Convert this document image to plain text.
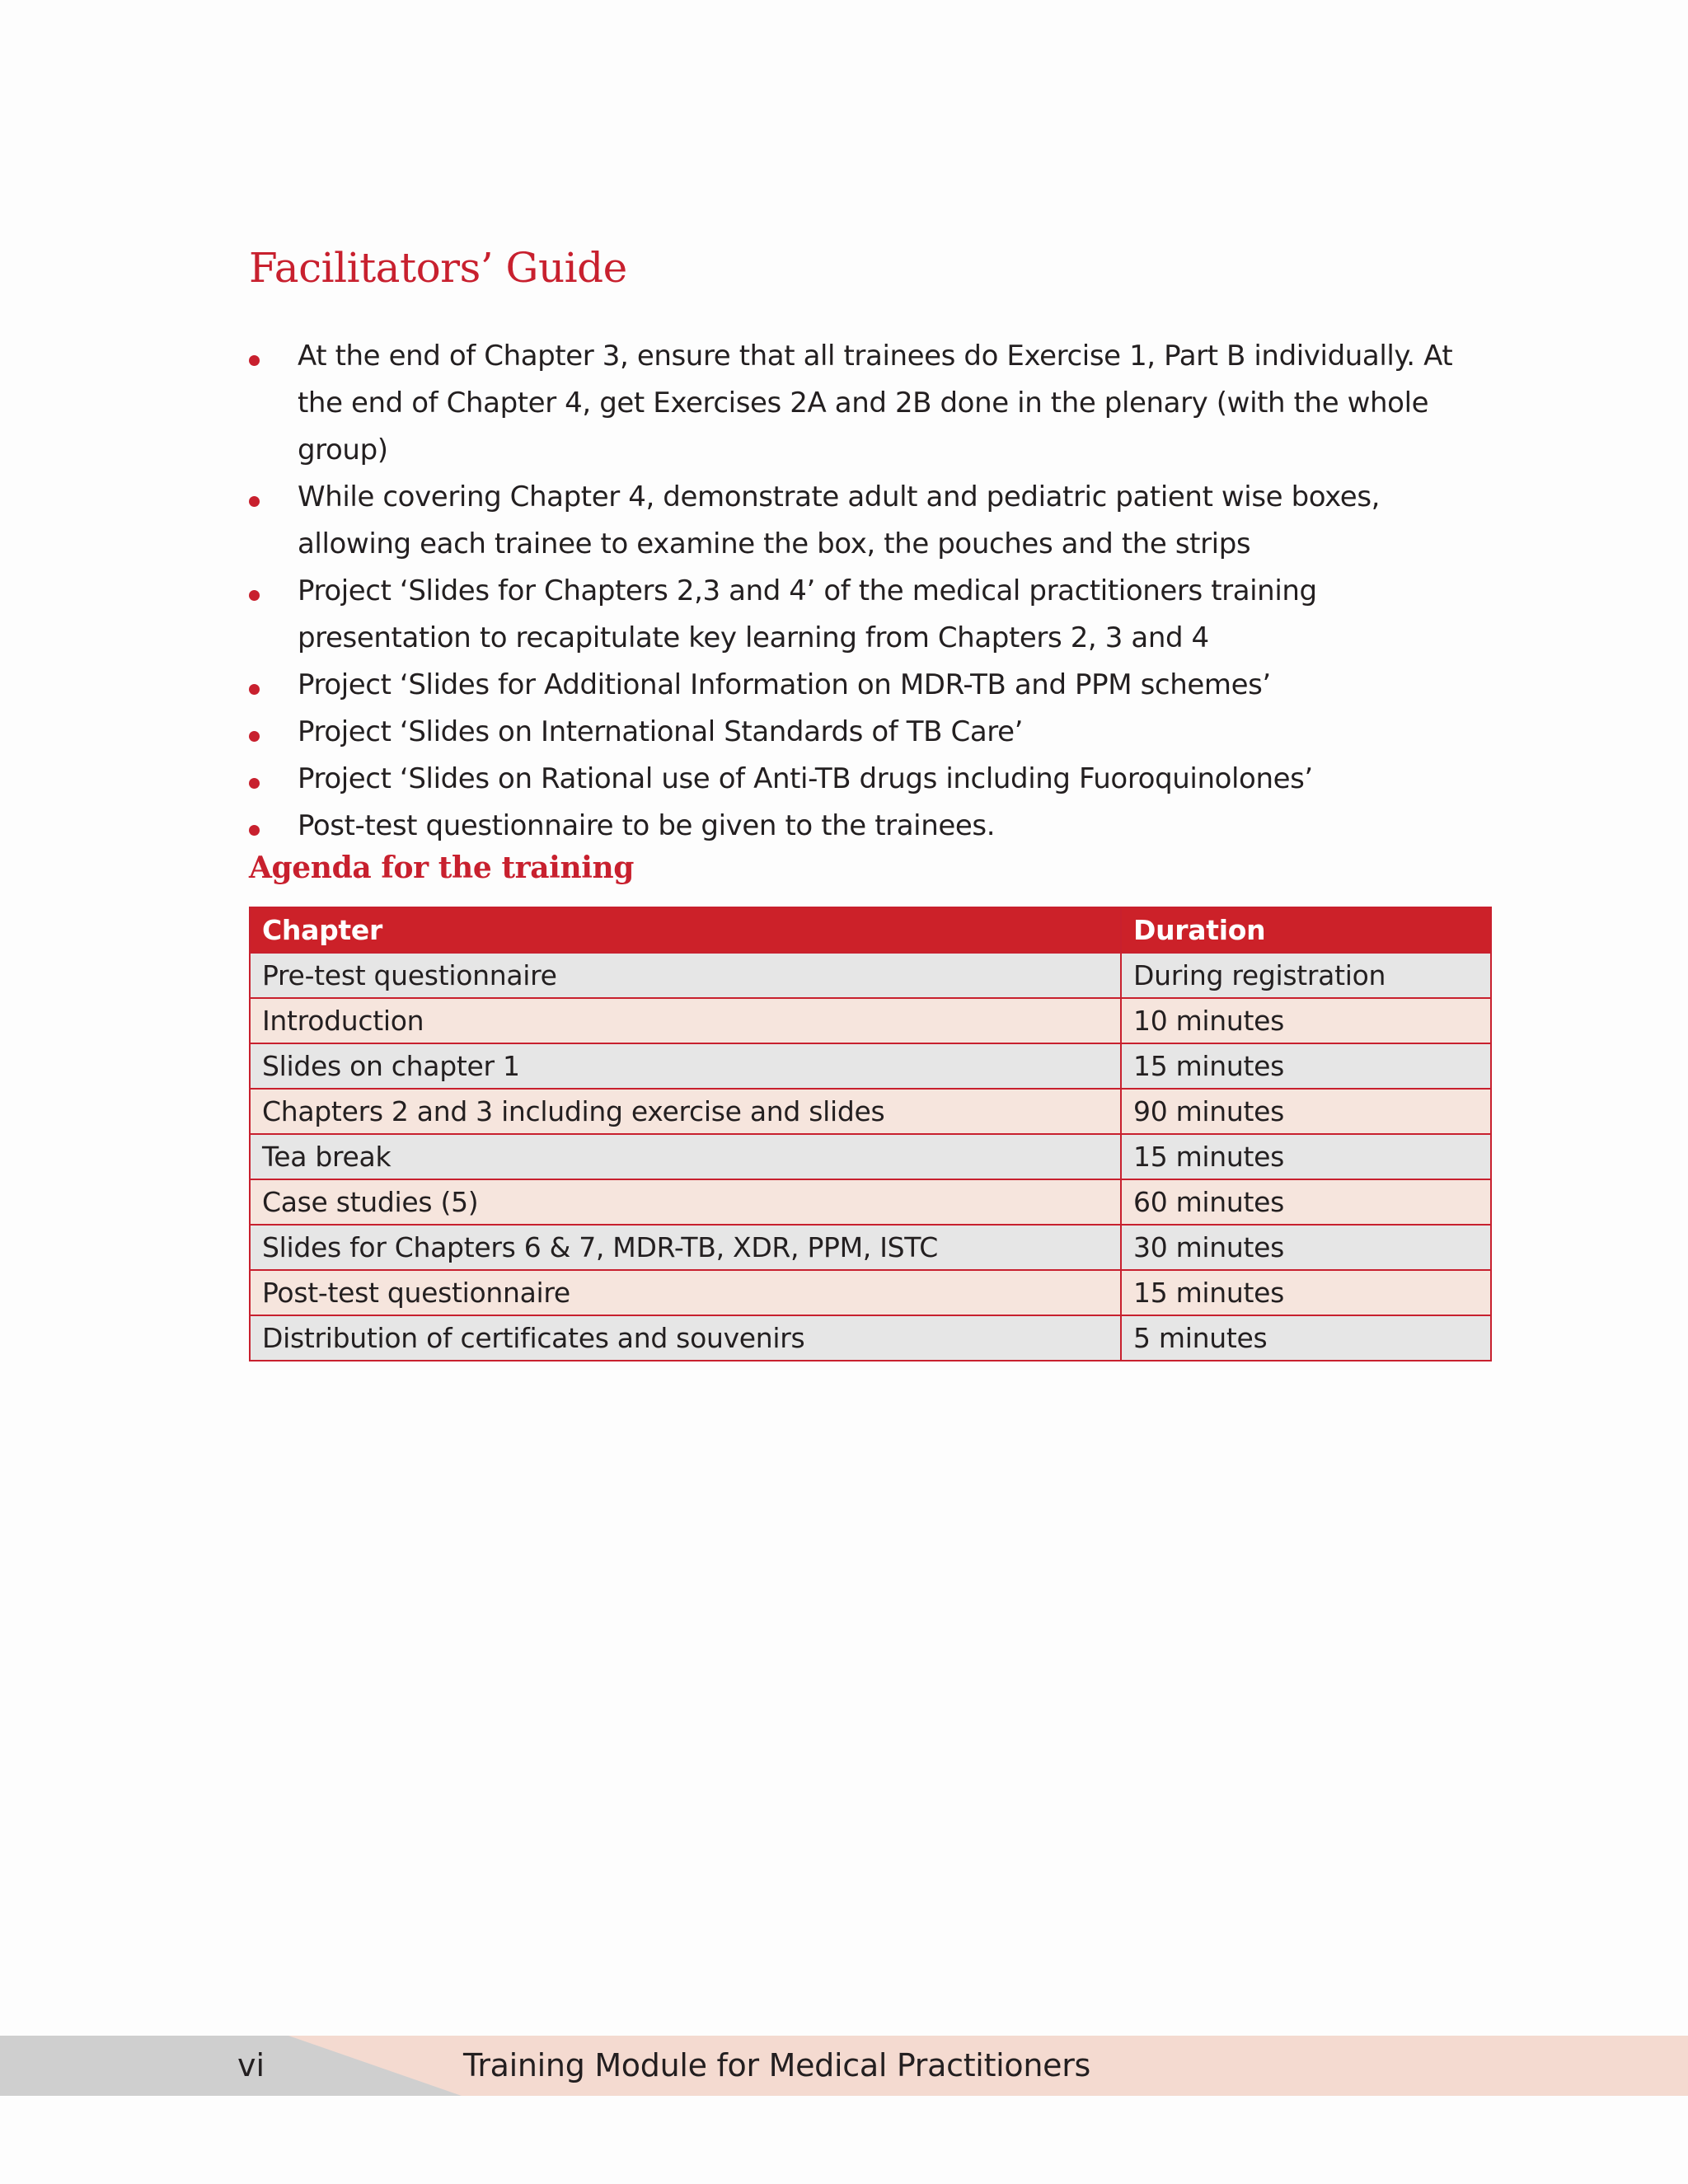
Facilitators’ Guide
At the end of Chapter 3, ensure that all trainees do Exercise 1, Part B individually. At the end of Chapter 4, get Exercises 2A and 2B done in the plenary (with the whole group)
While covering Chapter 4, demonstrate adult and pediatric patient wise boxes, allowing each trainee to examine the box, the pouches and the strips
Project ‘Slides for Chapters 2,3 and 4’ of the medical practitioners training presentation to recapitulate key learning from Chapters 2, 3 and 4
Project ‘Slides for Additional Information on MDR-TB and PPM schemes’
Project ‘Slides on International Standards of TB Care’
Project ‘Slides on Rational use of Anti-TB drugs including Fuoroquinolones’
Post-test questionnaire to be given to the trainees.
Agenda for the training
Chapter	Duration
Pre-test questionnaire	During registration
Introduction	10 minutes
Slides on chapter 1	15 minutes
Chapters 2 and 3 including exercise and slides	90 minutes
Tea break	15 minutes
Case studies (5)	60 minutes
Slides for Chapters 6 & 7, MDR-TB, XDR, PPM, ISTC	30 minutes
Post-test questionnaire	15 minutes
Distribution of certificates and souvenirs	5 minutes
vi	Training Module for Medical Practitioners
